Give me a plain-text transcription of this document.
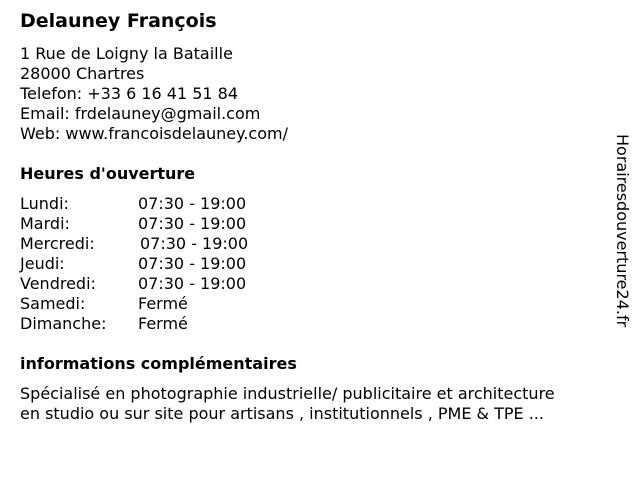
Delauney François
1 Rue de Loigny la Bataille
28000 Chartres
Telefon: +33 6 16 41 51 84
Email: frdelauney@gmail.com
Web: www.francoisdelauney.com/
Heures d'ouverture
Lundi:	07:30 - 19:00
Mardi:	07:30 - 19:00
Mercredi:	07:30 - 19:00
Jeudi:	07:30 - 19:00
Vendredi:	07:30 - 19:00
Samedi:	Fermé
Dimanche: Fermé
informations complémentaires
Spécialisé en photographie industrielle/ publicitaire et architecture
en studio ou sur site pour artisans , institutionnels , PME & TPE ...
Horairesdouverture24.fr
